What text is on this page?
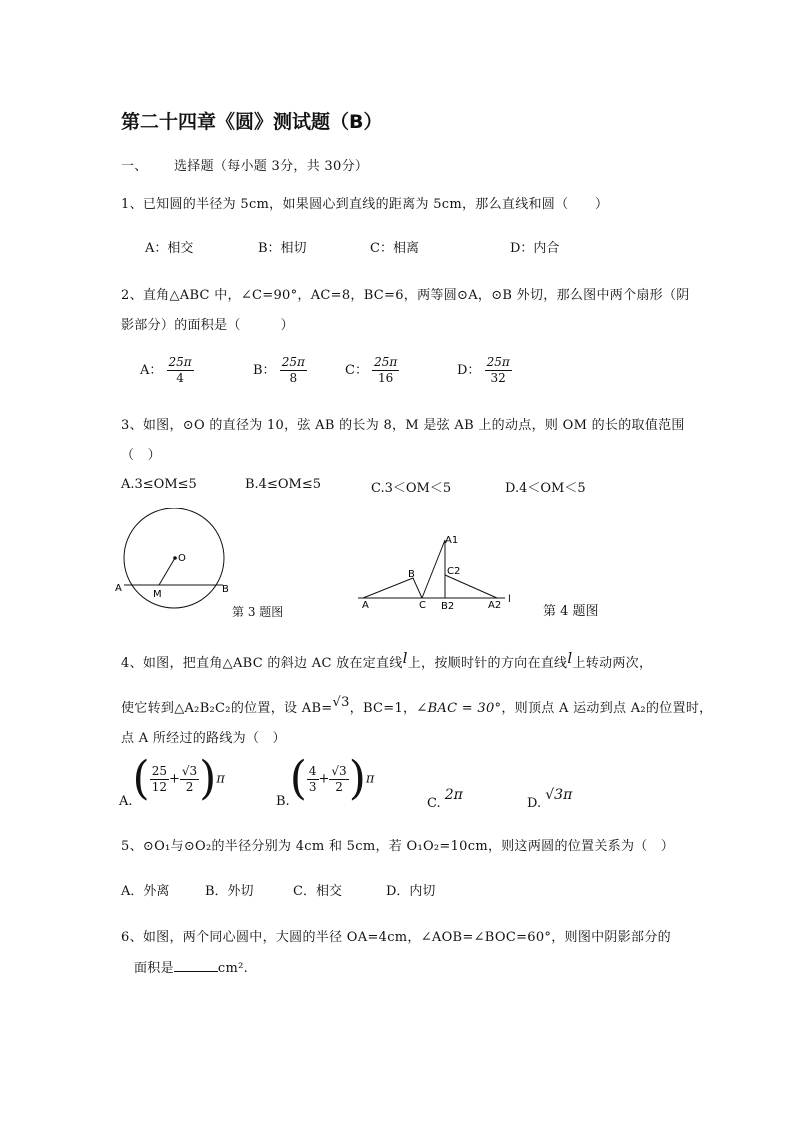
第二十四章《圆》测试题（B）
一、 选择题（每小题 3分，共 30分）
1、已知圆的半径为 5cm，如果圆心到直线的距离为 5cm，那么直线和圆（　　）
A：相交	B：相切	C：相离	D：内合
2、直角△ABC 中，∠C=90°，AC=8，BC=6，两等圆⊙A，⊙B 外切，那么图中两个扇形（阴
影部分）的面积是（　　　）
A： $\frac{25\pi}{4}$	B： $\frac{25\pi}{8}$	C： $\frac{25\pi}{16}$	D： $\frac{25\pi}{32}$
3、如图，⊙O 的直径为 10，弦 AB 的长为 8，M 是弦 AB 上的动点，则 OM 的长的取值范围
（　）
A.3≤OM≤5	B.4≤OM≤5	C.3＜OM＜5	D.4＜OM＜5
O
A
M	B
第 3 题图	A
B
C
A1
C2
B2	A2
l
第 4 题图
4、如图，把直角△ABC 的斜边 AC 放在定直线l上，按顺时针的方向在直线l上转动两次，
使它转到△A₂B₂C₂的位置，设 AB=√3，BC=1，∠BAC = 30°，则顶点 A 运动到点 A₂的位置时，
点 A 所经过的路线为（　）
$A.( \frac{25}{12} + \frac{√3}{2} )\pi$
$B.( \frac{4}{3} + \frac{√3}{2} )\pi$
C. 2π
D. √3π
5、⊙O₁与⊙O₂的半径分别为 4cm 和 5cm，若 O₁O₂=10cm，则这两圆的位置关系为（　）
A．外离	B．外切	C．相交	D．内切
6、如图，两个同心圆中，大圆的半径 OA=4cm，∠AOB=∠BOC=60°，则图中阴影部分的
面积是	cm².
